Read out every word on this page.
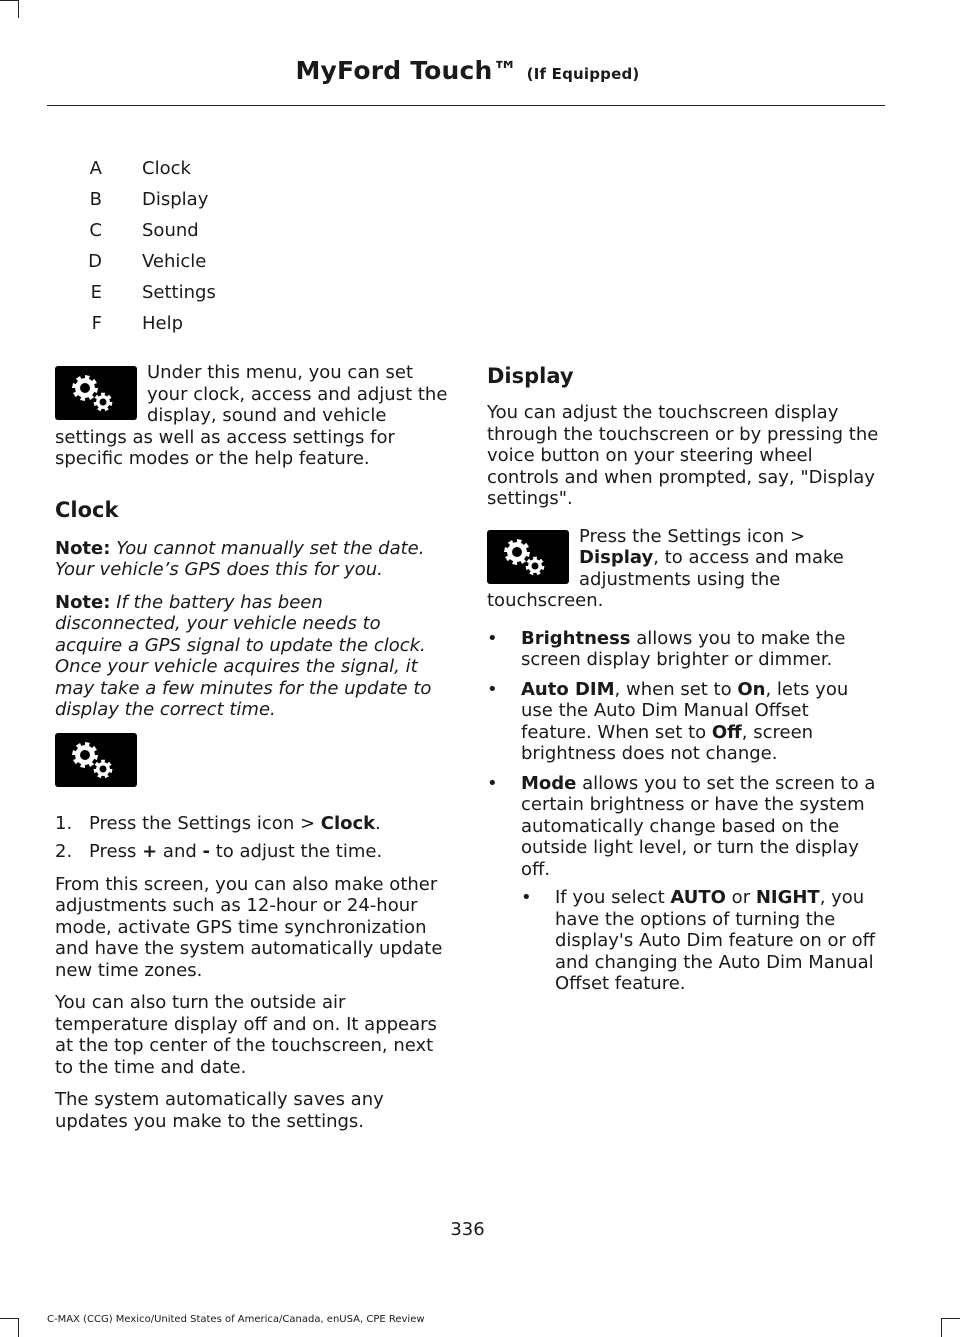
MyFord Touch™ (If Equipped)
A Clock
B Display
C Sound
D Vehicle
E Settings
F Help

Under this menu, you can set your clock, access and adjust the display, sound and vehicle settings as well as access settings for specific modes or the help feature.

Clock

Note: You cannot manually set the date. Your vehicle’s GPS does this for you.

Note: If the battery has been disconnected, your vehicle needs to acquire a GPS signal to update the clock. Once your vehicle acquires the signal, it may take a few minutes for the update to display the correct time.

1. Press the Settings icon > Clock.
2. Press + and - to adjust the time.

From this screen, you can also make other adjustments such as 12-hour or 24-hour mode, activate GPS time synchronization and have the system automatically update new time zones.

You can also turn the outside air temperature display off and on. It appears at the top center of the touchscreen, next to the time and date.

The system automatically saves any updates you make to the settings.

Display

You can adjust the touchscreen display through the touchscreen or by pressing the voice button on your steering wheel controls and when prompted, say, "Display settings".

Press the Settings icon > Display, to access and make adjustments using the touchscreen.

•	Brightness allows you to make the screen display brighter or dimmer.
•	Auto DIM, when set to On, lets you use the Auto Dim Manual Offset feature. When set to Off, screen brightness does not change.
•	Mode allows you to set the screen to a certain brightness or have the system automatically change based on the outside light level, or turn the display off.
•	If you select AUTO or NIGHT, you have the options of turning the display's Auto Dim feature on or off and changing the Auto Dim Manual Offset feature.
336
C-MAX (CCG) Mexico/United States of America/Canada, enUSA, CPE Review
